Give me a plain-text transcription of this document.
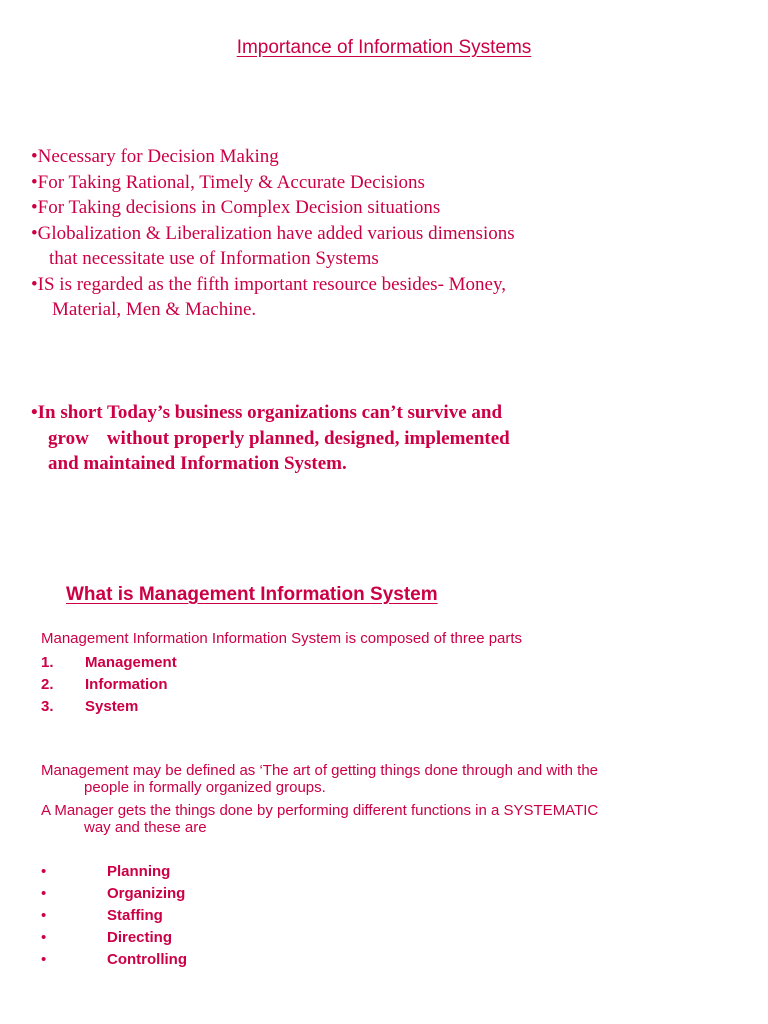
Importance of Information Systems
•Necessary for Decision Making
•For Taking Rational, Timely & Accurate Decisions
•For Taking decisions in Complex Decision situations
•Globalization & Liberalization have added various dimensions
that necessitate use of Information Systems
•IS is regarded as the fifth important resource besides- Money,
Material, Men & Machine.
•In short Today’s business organizations can’t survive and
grow without properly planned, designed, implemented
and maintained Information System.
What is Management Information System
Management Information Information System is composed of three parts
1. Management
2. Information
3. System
Management may be defined as ‘The art of getting things done through and with the
people in formally organized groups.
A Manager gets the things done by performing different functions in a SYSTEMATIC
way and these are
•	Planning
•	Organizing
•	Staffing
•	Directing
•	Controlling
